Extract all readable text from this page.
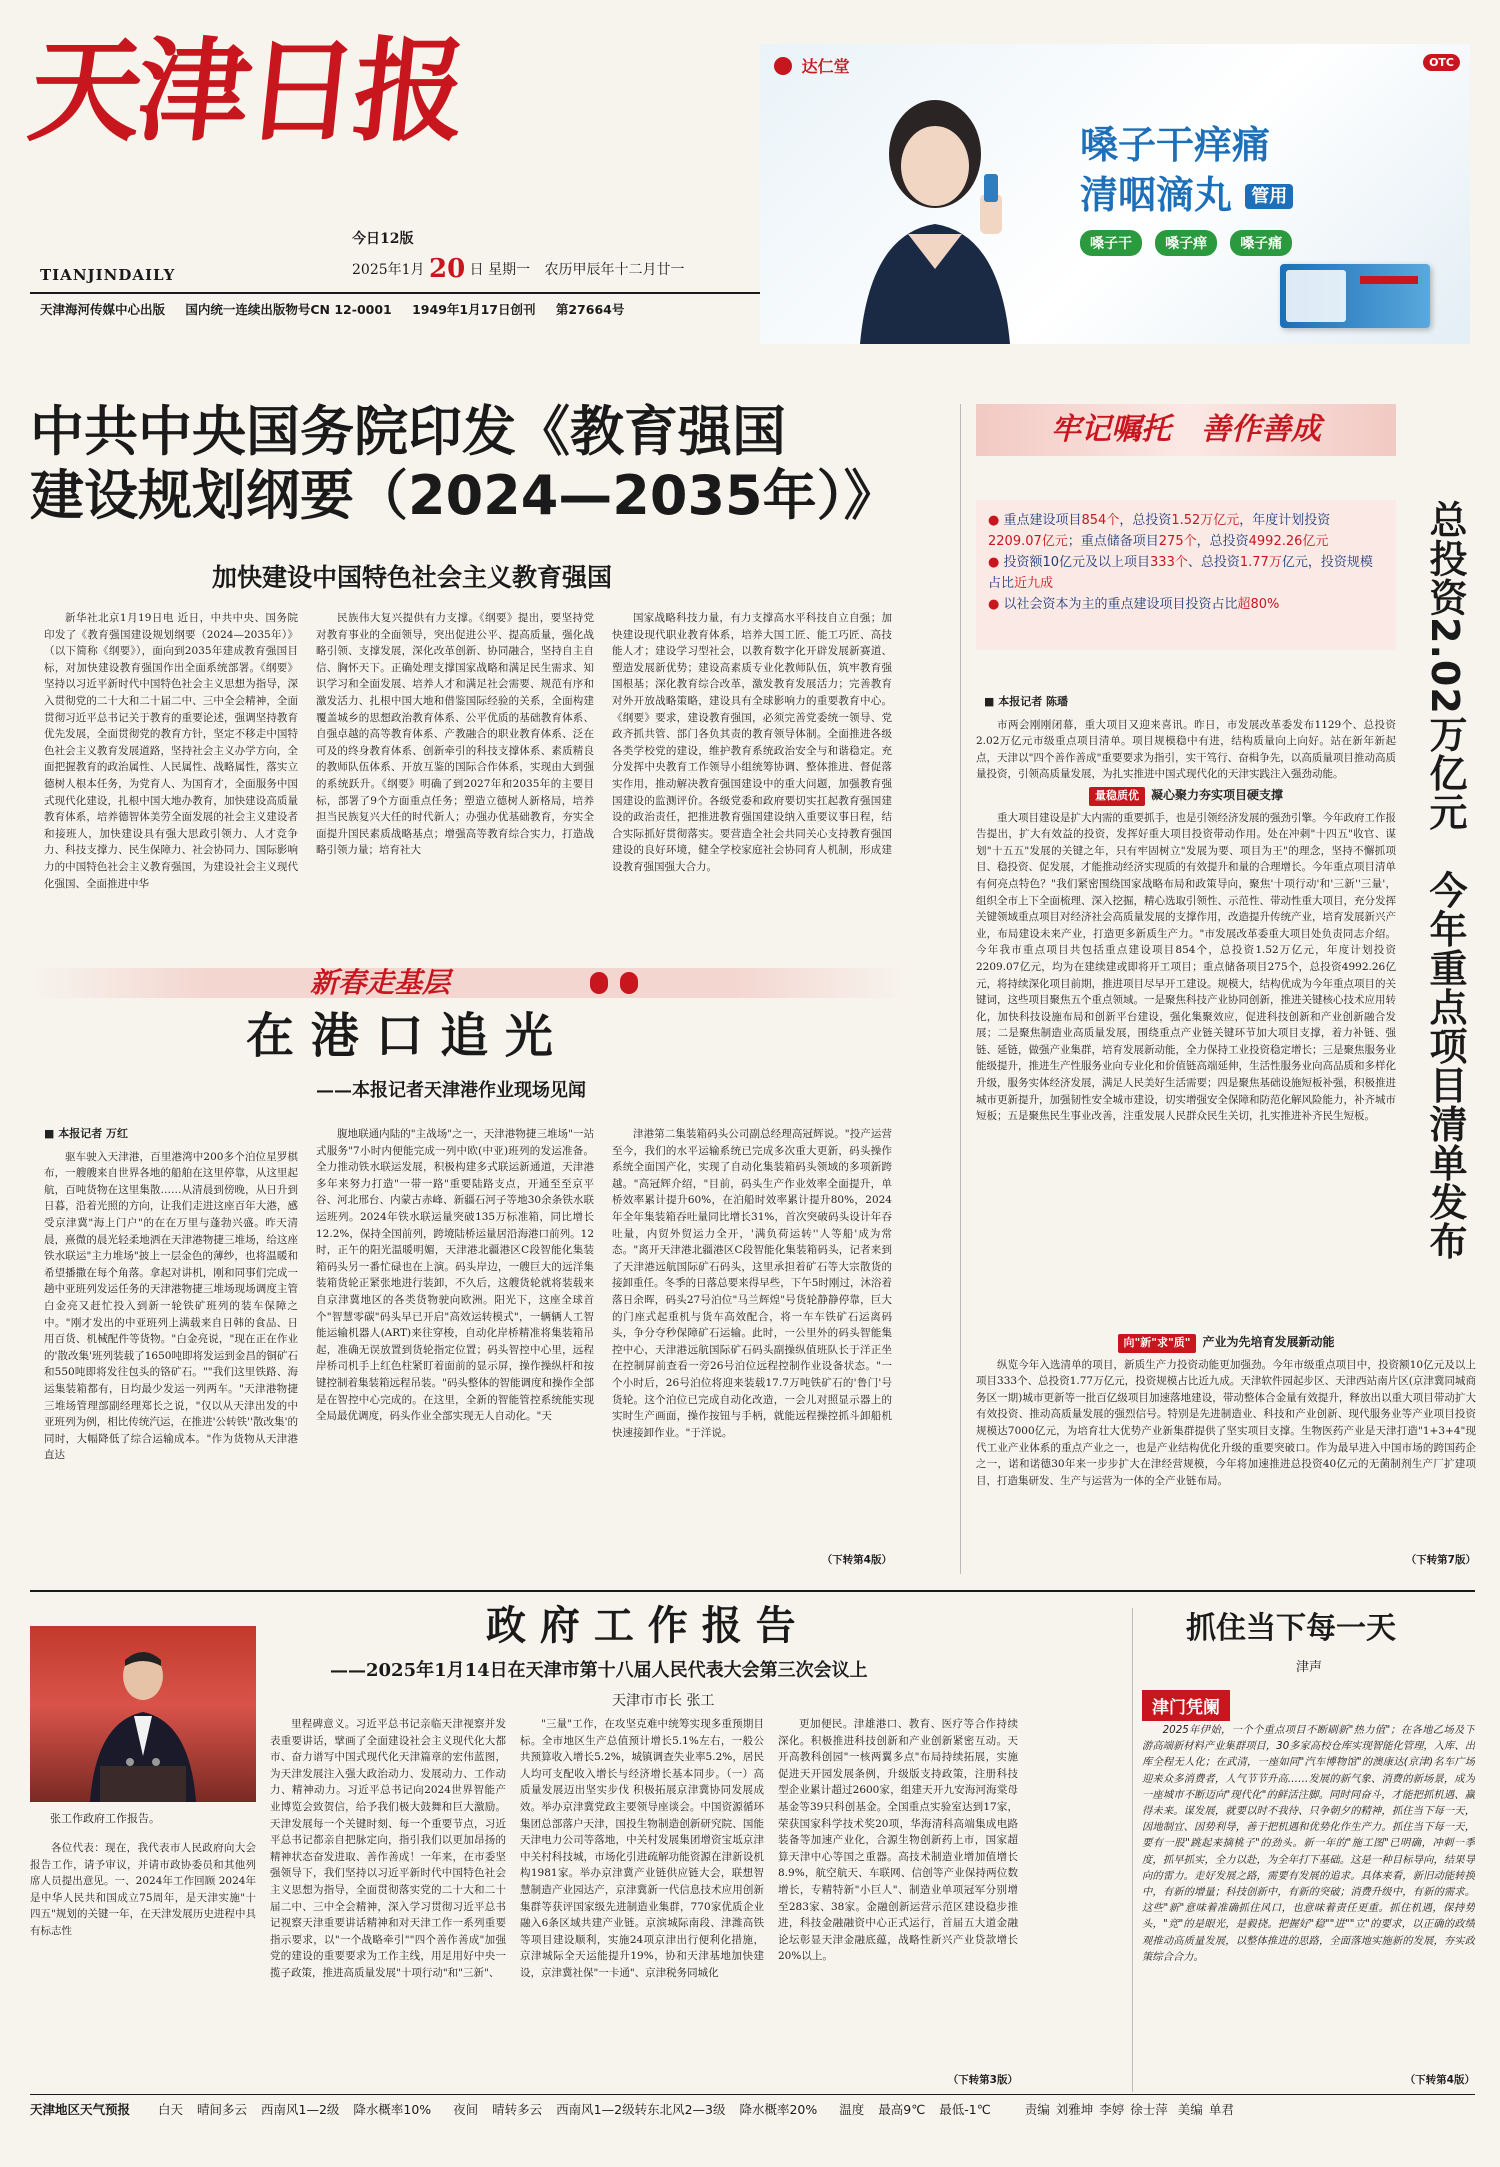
天津日报
TIANJINDAILY
今日12版
2025年1月 20 日 星期一 农历甲辰年十二月廿一
天津海河传媒中心出版 国内统一连续出版物号CN 12-0001 1949年1月17日创刊 第27664号
达仁堂	OTC
嗓子干痒痛
清咽滴丸 管用
嗓子干 嗓子痒 嗓子痛
中共中央国务院印发《教育强国
建设规划纲要（2024—2035年）》
加快建设中国特色社会主义教育强国

新华社北京1月19日电 近日，中共中央、国务院印发了《教育强国建设规划纲要（2024—2035年）》（以下简称《纲要》），面向到2035年建成教育强国目标，对加快建设教育强国作出全面系统部署。《纲要》坚持以习近平新时代中国特色社会主义思想为指导，深入贯彻党的二十大和二十届二中、三中全会精神，全面贯彻习近平总书记关于教育的重要论述，强调坚持教育优先发展，全面贯彻党的教育方针，坚定不移走中国特色社会主义教育发展道路，坚持社会主义办学方向，全面把握教育的政治属性、人民属性、战略属性，落实立德树人根本任务，为党育人、为国育才，全面服务中国式现代化建设，扎根中国大地办教育，加快建设高质量教育体系，培养德智体美劳全面发展的社会主义建设者和接班人，加快建设具有强大思政引领力、人才竞争力、科技支撑力、民生保障力、社会协同力、国际影响力的中国特色社会主义教育强国，为建设社会主义现代化强国、全面推进中华

民族伟大复兴提供有力支撑。《纲要》提出，要坚持党对教育事业的全面领导，突出促进公平、提高质量，强化战略引领、支撑发展，深化改革创新、协同融合，坚持自主自信、胸怀天下。正确处理支撑国家战略和满足民生需求、知识学习和全面发展、培养人才和满足社会需要、规范有序和激发活力、扎根中国大地和借鉴国际经验的关系，全面构建覆盖城乡的思想政治教育体系、公平优质的基础教育体系、自强卓越的高等教育体系、产教融合的职业教育体系、泛在可及的终身教育体系、创新牵引的科技支撑体系、素质精良的教师队伍体系、开放互鉴的国际合作体系，实现由大到强的系统跃升。《纲要》明确了到2027年和2035年的主要目标，部署了9个方面重点任务；塑造立德树人新格局，培养担当民族复兴大任的时代新人；办强办优基础教育，夯实全面提升国民素质战略基点；增强高等教育综合实力，打造战略引领力量；培育社大

国家战略科技力量，有力支撑高水平科技自立自强；加快建设现代职业教育体系，培养大国工匠、能工巧匠、高技能人才；建设学习型社会，以教育数字化开辟发展新赛道、塑造发展新优势；建设高素质专业化教师队伍，筑牢教育强国根基；深化教育综合改革，激发教育发展活力；完善教育对外开放战略策略，建设具有全球影响力的重要教育中心。《纲要》要求，建设教育强国，必须完善党委统一领导、党政齐抓共管、部门各负其责的教育领导体制。全面推进各级各类学校党的建设，维护教育系统政治安全与和谐稳定。充分发挥中央教育工作领导小组统筹协调、整体推进、督促落实作用，推动解决教育强国建设中的重大问题，加强教育强国建设的监测评价。各级党委和政府要切实扛起教育强国建设的政治责任，把推进教育强国建设纳入重要议事日程，结合实际抓好贯彻落实。要营造全社会共同关心支持教育强国建设的良好环境，健全学校家庭社会协同育人机制，形成建设教育强国强大合力。

新春走基层
在 港 口 追 光
——本报记者天津港作业现场见闻
■ 本报记者 万红

驱车驶入天津港，百里港湾中200多个泊位星罗棋布，一艘艘来自世界各地的船舶在这里停靠，从这里起航，百吨货物在这里集散……从清晨到傍晚，从日升到日暮，沿着光照的方向，让我们走进这座百年大港，感受京津冀"海上门户"的在在万里与蓬勃兴盛。昨天清晨，熹微的晨光轻柔地洒在天津港物捷三堆场，给这座铁水联运"主力堆场"披上一层金色的薄纱，也将温暖和希望播撒在每个角落。拿起对讲机，刚和同事们完成一趟中亚班列发运任务的天津港物捷三堆场现场调度主管白金亮又赶忙投入到新一轮铁矿班列的装车保障之中。"刚才发出的中亚班列上满载来自日韩的食品、日用百货、机械配件等货物。"白金亮说，"现在正在作业的'散改集'班列装载了1650吨即将发运到金昌的铜矿石和550吨即将发往包头的铬矿石。""我们这里铁路、海运集装箱都有，日均最少发运一列两车。"天津港物捷三堆场管理部副经理郑长之说，"仅以从天津出发的中亚班列为例，相比传统汽运，在推进'公转铁''散改集'的同时，大幅降低了综合运输成本。"作为货物从天津港直达

腹地联通内陆的"主战场"之一，天津港物捷三堆场"一站式服务"7小时内便能完成一列中欧(中亚)班列的发运准备。全力推动铁水联运发展，积极构建多式联运新通道，天津港多年来努力打造"一带一路"重要陆路支点，开通至至京平谷、河北邢台、内蒙古赤峰、新疆石河子等地30余条铁水联运班列。2024年铁水联运量突破135万标准箱，同比增长12.2%，保持全国前列，跨境陆桥运量居沿海港口前列。12时，正午的阳光温暖明媚，天津港北疆港区C段智能化集装箱码头另一番忙碌也在上演。码头岸边，一艘巨大的远洋集装箱货轮正紧张地进行装卸，不久后，这艘货轮就将装载来自京津冀地区的各类货物驶向欧洲。阳光下，这座全球首个"智慧零碳"码头早已开启"高效运转模式"，一辆辆人工智能运输机器人(ART)来往穿梭，自动化岸桥精准将集装箱吊起，准确无误放置到货轮指定位置；码头智控中心里，远程岸桥司机手上红色柱紧盯着面前的显示屏，操作操纵杆和按键控制着集装箱远程吊装。"码头整体的智能调度和操作全部是在智控中心完成的。在这里，全新的智能管控系统能实现全局最优调度，码头作业全部实现无人自动化。"天

津港第二集装箱码头公司副总经理高冠辉说。"投产运营至今，我们的水平运输系统已完成多次重大更新，码头操作系统全面国产化，实现了自动化集装箱码头领域的多项新跨越。"高冠辉介绍，"目前，码头生产作业效率全面提升，单桥效率累计提升60%，在泊船时效率累计提升80%，2024年全年集装箱吞吐量同比增长31%，首次突破码头设计年吞吐量，内贸外贸运力全开，'满负荷运转''人等船'成为常态。"离开天津港北疆港区C段智能化集装箱码头，记者来到了天津港远航国际矿石码头，这里承担着矿石等大宗散货的接卸重任。冬季的日落总要来得早些，下午5时刚过，沐浴着落日余晖，码头27号泊位"马兰辉煌"号货轮静静停靠，巨大的门座式起重机与货车高效配合，将一车车铁矿石运离码头，争分夺秒保障矿石运输。此时，一公里外的码头智能集控中心，天津港远航国际矿石码头副操纵值班队长于洋正坐在控制屏前查看一旁26号泊位远程控制作业设备状态。"一个小时后，26号泊位将迎来装载17.7万吨铁矿石的'鲁门'号货轮。这个泊位已完成自动化改造，一会儿对照显示器上的实时生产画面，操作按钮与手柄，就能远程操控抓斗卸船机快速接卸作业。"于洋说。

（下转第4版）
牢记嘱托　善作善成
● 重点建设项目854个，总投资1.52万亿元，年度计划投资2209.07亿元；重点储备项目275个，总投资4992.26亿元
● 投资额10亿元及以上项目333个、总投资1.77万亿元，投资规模占比近九成
● 以社会资本为主的重点建设项目投资占比超80%	总投资2.02万亿元　今年重点项目清单发布
■ 本报记者 陈璠

市两会刚刚闭幕，重大项目又迎来喜讯。昨日，市发展改革委发布1129个、总投资2.02万亿元市级重点项目清单。项目规模稳中有进，结构质量向上向好。站在新年新起点，天津以"四个善作善成"重要要求为指引，实干笃行、奋楫争先，以高质量项目推动高质量投资，引领高质量发展，为扎实推进中国式现代化的天津实践注入强劲动能。

量稳质优 凝心聚力夯实项目硬支撑

重大项目建设是扩大内需的重要抓手，也是引领经济发展的强劲引擎。今年政府工作报告提出，扩大有效益的投资，发挥好重大项目投资带动作用。处在冲刺"十四五"收官、谋划"十五五"发展的关键之年，只有牢固树立"发展为要、项目为王"的理念，坚持不懈抓项目、稳投资、促发展，才能推动经济实现质的有效提升和量的合理增长。今年重点项目清单有何亮点特色？"我们紧密围绕国家战略布局和政策导向，聚焦'十项行动'和'三新''三量'，组织全市上下全面梳理、深入挖掘，精心选取引领性、示范性、带动性重大项目，充分发挥关键领域重点项目对经济社会高质量发展的支撑作用，改造提升传统产业，培育发展新兴产业，布局建设未来产业，打造更多新质生产力。"市发展改革委重大项目处负责同志介绍。今年我市重点项目共包括重点建设项目854个，总投资1.52万亿元，年度计划投资2209.07亿元，均为在建续建或即将开工项目；重点储备项目275个，总投资4992.26亿元，将持续深化项目前期，推进项目尽早开工建设。规模大，结构优成为今年重点项目的关键词，这些项目聚焦五个重点领域。一是聚焦科技产业协同创新，推进关键核心技术应用转化，加快科技设施布局和创新平台建设，强化集聚效应，促进科技创新和产业创新融合发展；二是聚焦制造业高质量发展，围绕重点产业链关键环节加大项目支撑，着力补链、强链、延链，做强产业集群，培育发展新动能，全力保持工业投资稳定增长；三是聚焦服务业能级提升，推进生产性服务业向专业化和价值链高端延伸，生活性服务业向高品质和多样化升级，服务实体经济发展，满足人民美好生活需要；四是聚焦基础设施短板补强，积极推进城市更新提升，加强韧性安全城市建设，切实增强安全保障和防范化解风险能力，补齐城市短板；五是聚焦民生事业改善，注重发展人民群众民生关切，扎实推进补齐民生短板。

向"新"求"质" 产业为先培育发展新动能

纵览今年入选清单的项目，新质生产力投资动能更加强劲。今年市级重点项目中，投资额10亿元及以上项目333个、总投资1.77万亿元，投资规模占比近九成。天津软件园起步区、天津西站南片区(京津冀同城商务区一期)城市更新等一批百亿级项目加速落地建设，带动整体合金量有效提升，释放出以重大项目带动扩大有效投资、推动高质量发展的强烈信号。特别是先进制造业、科技和产业创新、现代服务业等产业项目投资规模达7000亿元，为培育壮大优势产业新集群提供了坚实项目支撑。生物医药产业是天津打造"1+3+4"现代工业产业体系的重点产业之一，也是产业结构优化升级的重要突破口。作为最早进入中国市场的跨国药企之一，诺和诺德30年来一步步扩大在津经营规模，今年将加速推进总投资40亿元的无菌制剂生产厂扩建项目，打造集研发、生产与运营为一体的全产业链布局。

（下转第7版）
政 府 工 作 报 告
——2025年1月14日在天津市第十八届人民代表大会第三次会议上
天津市市长 张工
张工作政府工作报告。

各位代表：现在，我代表市人民政府向大会报告工作，请予审议，并请市政协委员和其他列席人员提出意见。一、2024年工作回顾 2024年是中华人民共和国成立75周年，是天津实施"十四五"规划的关键一年，在天津发展历史进程中具有标志性

里程碑意义。习近平总书记亲临天津视察并发表重要讲话，擘画了全面建设社会主义现代化大都市、奋力谱写中国式现代化天津篇章的宏伟蓝图，为天津发展注入强大政治动力、发展动力、工作动力、精神动力。习近平总书记向2024世界智能产业博览会致贺信，给予我们极大鼓舞和巨大激励。天津发展每一个关键时刻、每一个重要节点，习近平总书记都亲自把脉定向，指引我们以更加昂扬的精神状态奋发进取、善作善成！一年来，在市委坚强领导下，我们坚持以习近平新时代中国特色社会主义思想为指导，全面贯彻落实党的二十大和二十届二中、三中全会精神，深入学习贯彻习近平总书记视察天津重要讲话精神和对天津工作一系列重要指示要求，以"一个战略牵引""四个善作善成"加强党的建设的重要要求为工作主线，用足用好中央一揽子政策，推进高质量发展"十项行动"和"三新"、

"三量"工作，在攻坚克难中统筹实现多重预期目标。全市地区生产总值预计增长5.1%左右，一般公共预算收入增长5.2%，城镇调查失业率5.2%，居民人均可支配收入增长与经济增长基本同步。（一）高质量发展迈出坚实步伐 积极拓展京津冀协同发展成效。举办京津冀党政主要领导座谈会。中国资源循环集团总部落户天津，国投生物制造创新研究院、国能天津电力公司等落地，中关村发展集团增资宝坻京津中关村科技城，市场化引进疏解功能资源在津新设机构1981家。举办京津冀产业链供应链大会，联想智慧制造产业园达产，京津冀新一代信息技术应用创新集群等获评国家级先进制造业集群，770家优质企业融入6条区域共建产业链。京滨城际南段、津潍高铁等项目建设顺利，实施24项京津出行便利化措施，京津城际全天运能提升19%，协和天津基地加快建设，京津冀社保"一卡通"、京津税务同城化

更加便民。津雄港口、教育、医疗等合作持续深化。积极推进科技创新和产业创新紧密互动。天开高教科创园"一核两翼多点"布局持续拓展，实施促进天开园发展条例，升级版支持政策，注册科技型企业累计超过2600家，组建天开九安海河海棠母基金等39只科创基金。全国重点实验室达到17家，荣获国家科学技术奖20项，华海清科高端集成电路装备等加速产业化，合源生物创新药上市，国家超算天津中心等国之重器。高技术制造业增加值增长8.9%，航空航天、车联网、信创等产业保持两位数增长，专精特新"小巨人"、制造业单项冠军分别增至283家、38家。金融创新运营示范区建设稳步推进，科技金融融资中心正式运行，首届五大道金融论坛彰显天津金融底蕴，战略性新兴产业贷款增长20%以上。

（下转第3版）
抓住当下每一天
津声
津门凭阑

2025年伊始，一个个重点项目不断刷新"热力值"；在各地乙场及下游高端新材料产业集群项目，30多家高校仓库实现智能化管理，入库、出库全程无人化；在武清，一座如同"汽车博物馆"的澳康达(京津)名车广场迎来众多消费者，人气节节升高……发展的新气象、消费的新场景，成为一座城市不断迈向"现代化"的鲜活注脚。同时同奋斗，才能把抓机遇、赢得未来。谋发展，就要以时不我待、只争朝夕的精神，抓住当下每一天，因地制宜、因势利导，善于把机遇和优势化作生产力。抓住当下每一天，要有一股"跳起来摘桃子"的劲头。新一年的"施工图"已明确，冲刺一季度，抓早抓实，全力以赴，为全年打下基础。这是一种目标导向，结果导向的雷力。走好发展之路，需要有发展的追求。具体来看，新旧动能转换中，有新的增量；科技创新中，有新的突破；消费升级中，有新的需求。这些"新"意味着准确抓住风口，也意味着责任更重。抓住机遇，保持势头，"竞"的是眼光，是毅挠。把握好"稳""进""立"的要求，以正确的政绩观推动高质量发展，以整体推进的思路，全面落地实施新的发展，夯实政策综合合力。

（下转第4版）
天津地区天气预报 白天 晴间多云 西南风1—2级 降水概率10% 夜间 晴转多云 西南风1—2级转东北风2—3级 降水概率20% 温度 最高9℃ 最低-1℃	责编 刘雅坤 李婷 徐士萍 美编 单君
